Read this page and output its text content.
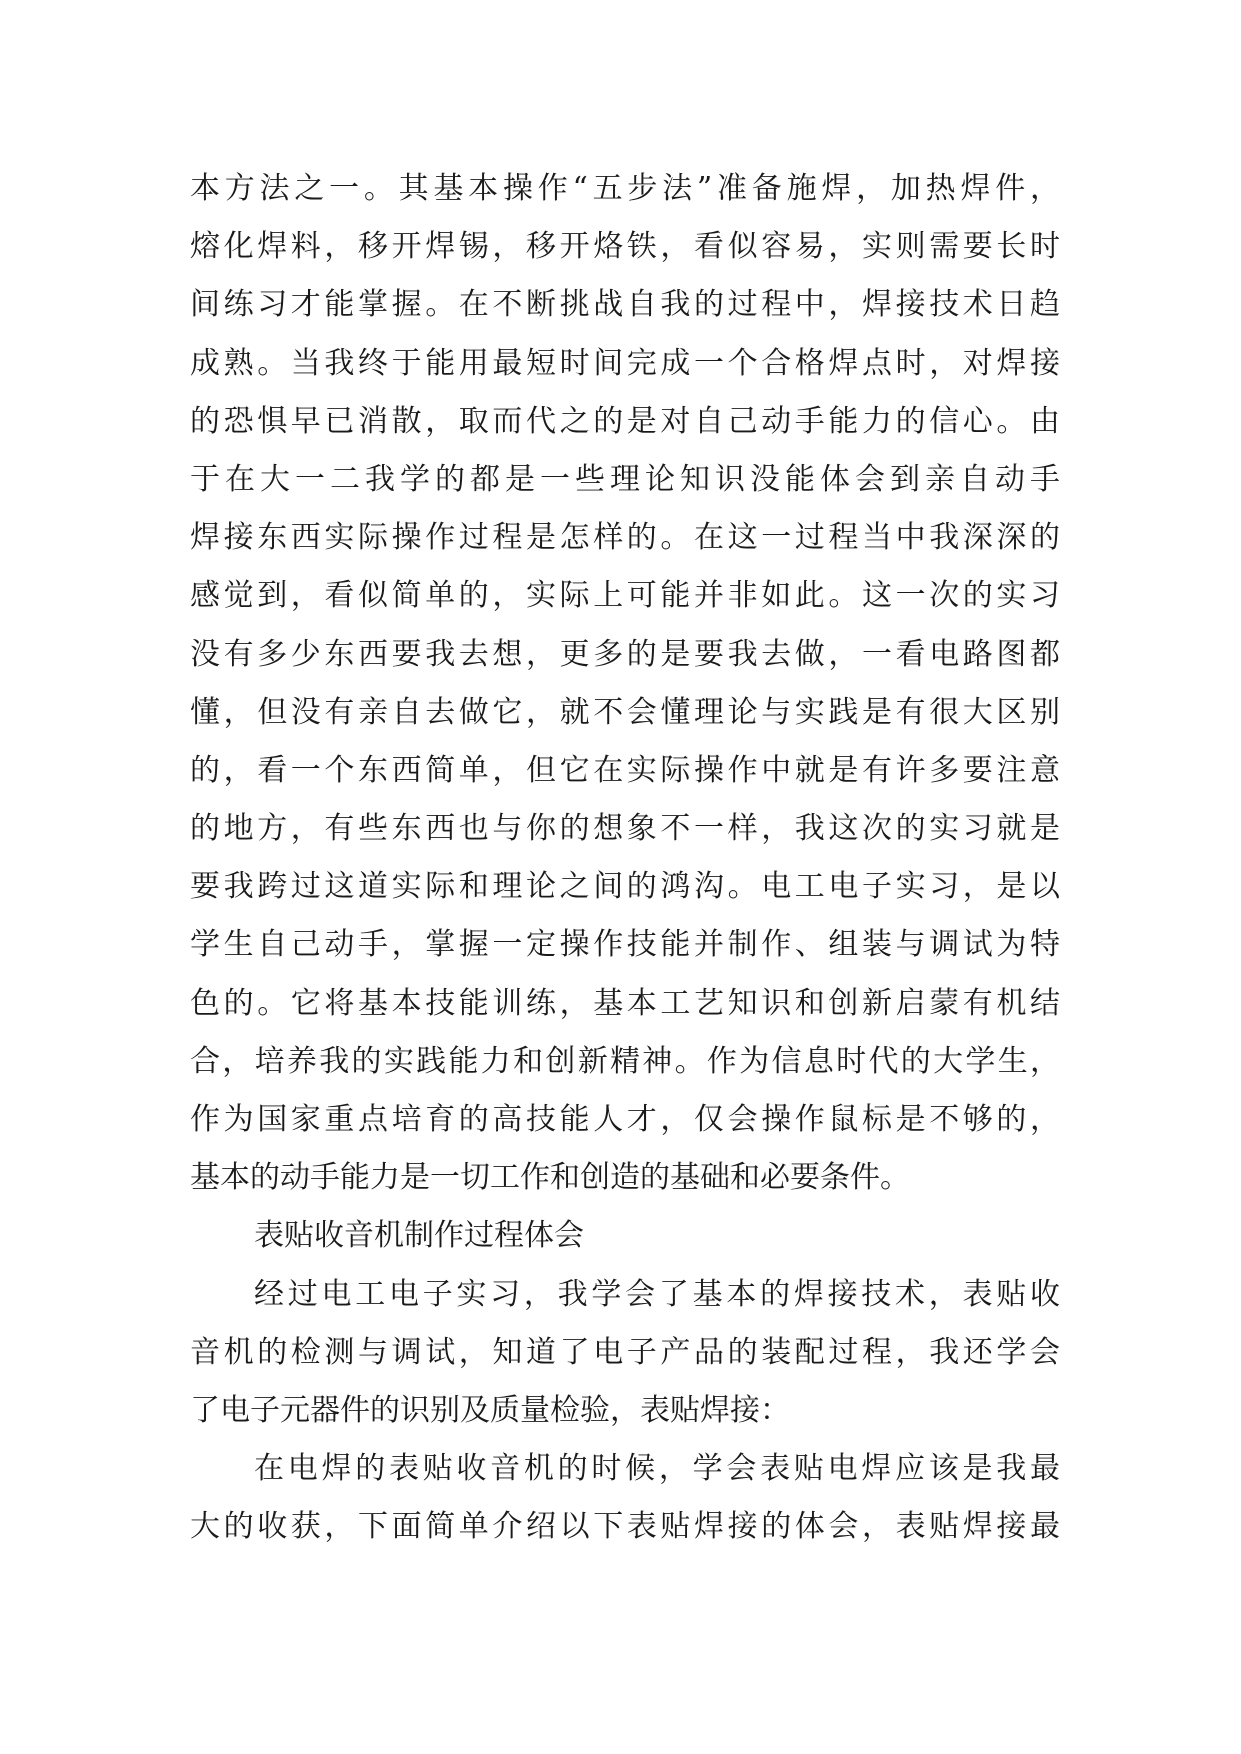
本方法之一。其基本操作“五步法”准备施焊，加热焊件，
熔化焊料，移开焊锡，移开烙铁，看似容易，实则需要长时
间练习才能掌握。在不断挑战自我的过程中，焊接技术日趋
成熟。当我终于能用最短时间完成一个合格焊点时，对焊接
的恐惧早已消散，取而代之的是对自己动手能力的信心。由
于在大一二我学的都是一些理论知识没能体会到亲自动手
焊接东西实际操作过程是怎样的。在这一过程当中我深深的
感觉到，看似简单的，实际上可能并非如此。这一次的实习
没有多少东西要我去想，更多的是要我去做，一看电路图都
懂，但没有亲自去做它，就不会懂理论与实践是有很大区别
的，看一个东西简单，但它在实际操作中就是有许多要注意
的地方，有些东西也与你的想象不一样，我这次的实习就是
要我跨过这道实际和理论之间的鸿沟。电工电子实习，是以
学生自己动手，掌握一定操作技能并制作、组装与调试为特
色的。它将基本技能训练，基本工艺知识和创新启蒙有机结
合，培养我的实践能力和创新精神。作为信息时代的大学生，
作为国家重点培育的高技能人才，仅会操作鼠标是不够的，
基本的动手能力是一切工作和创造的基础和必要条件。
表贴收音机制作过程体会
经过电工电子实习，我学会了基本的焊接技术，表贴收
音机的检测与调试，知道了电子产品的装配过程，我还学会
了电子元器件的识别及质量检验，表贴焊接：
在电焊的表贴收音机的时候，学会表贴电焊应该是我最
大的收获，下面简单介绍以下表贴焊接的体会，表贴焊接最
